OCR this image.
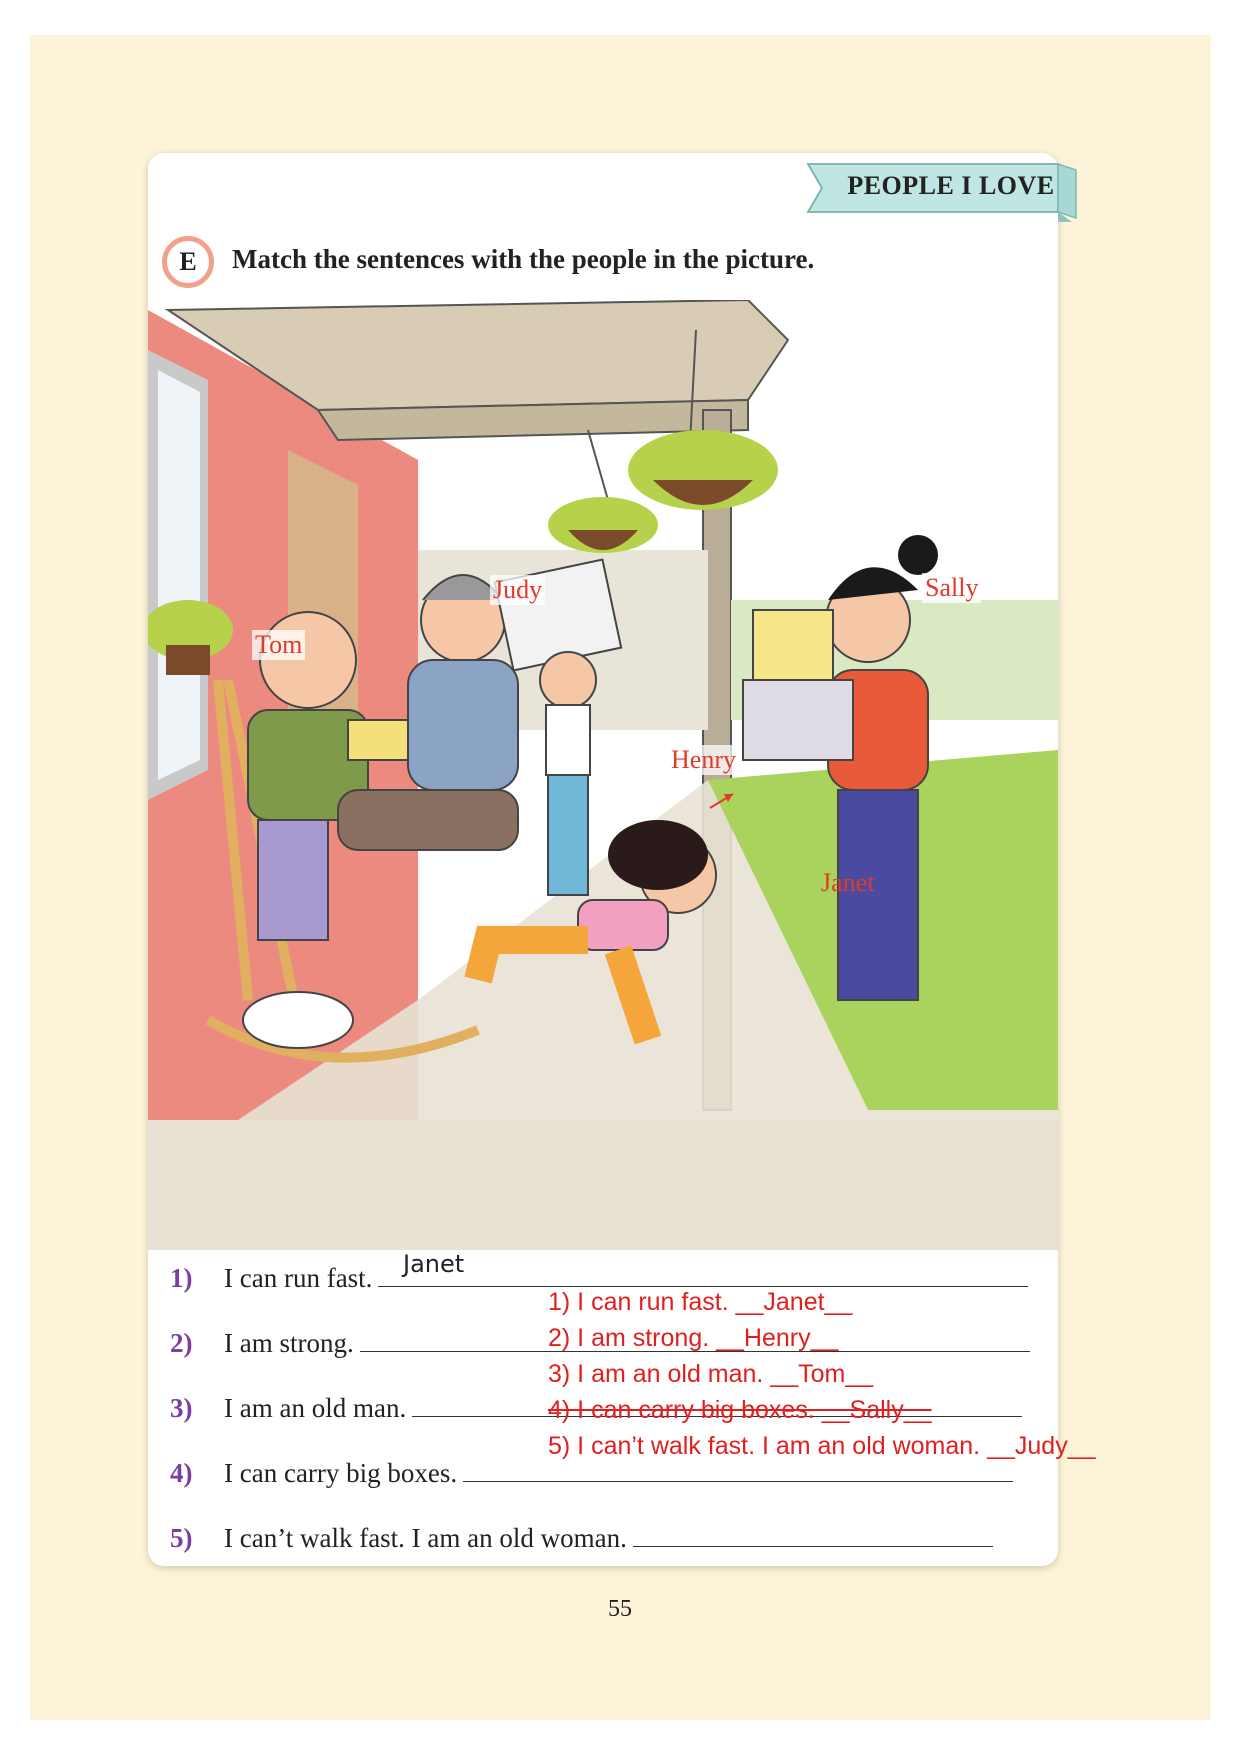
PEOPLE I LOVE
E	Match the sentences with the people in the picture.
Tom
Judy	Sally
Henry
Janet
1) I can run fast.
2) I am strong.
3) I am an old man.
4) I can carry big boxes.
5) I can’t walk fast. I am an old woman.
Janet
1) I can run fast. __Janet__
2) I am strong. __Henry__
3) I am an old man. __Tom__
4) I can carry big boxes. __Sally__
5) I can’t walk fast. I am an old woman. __Judy__
55
